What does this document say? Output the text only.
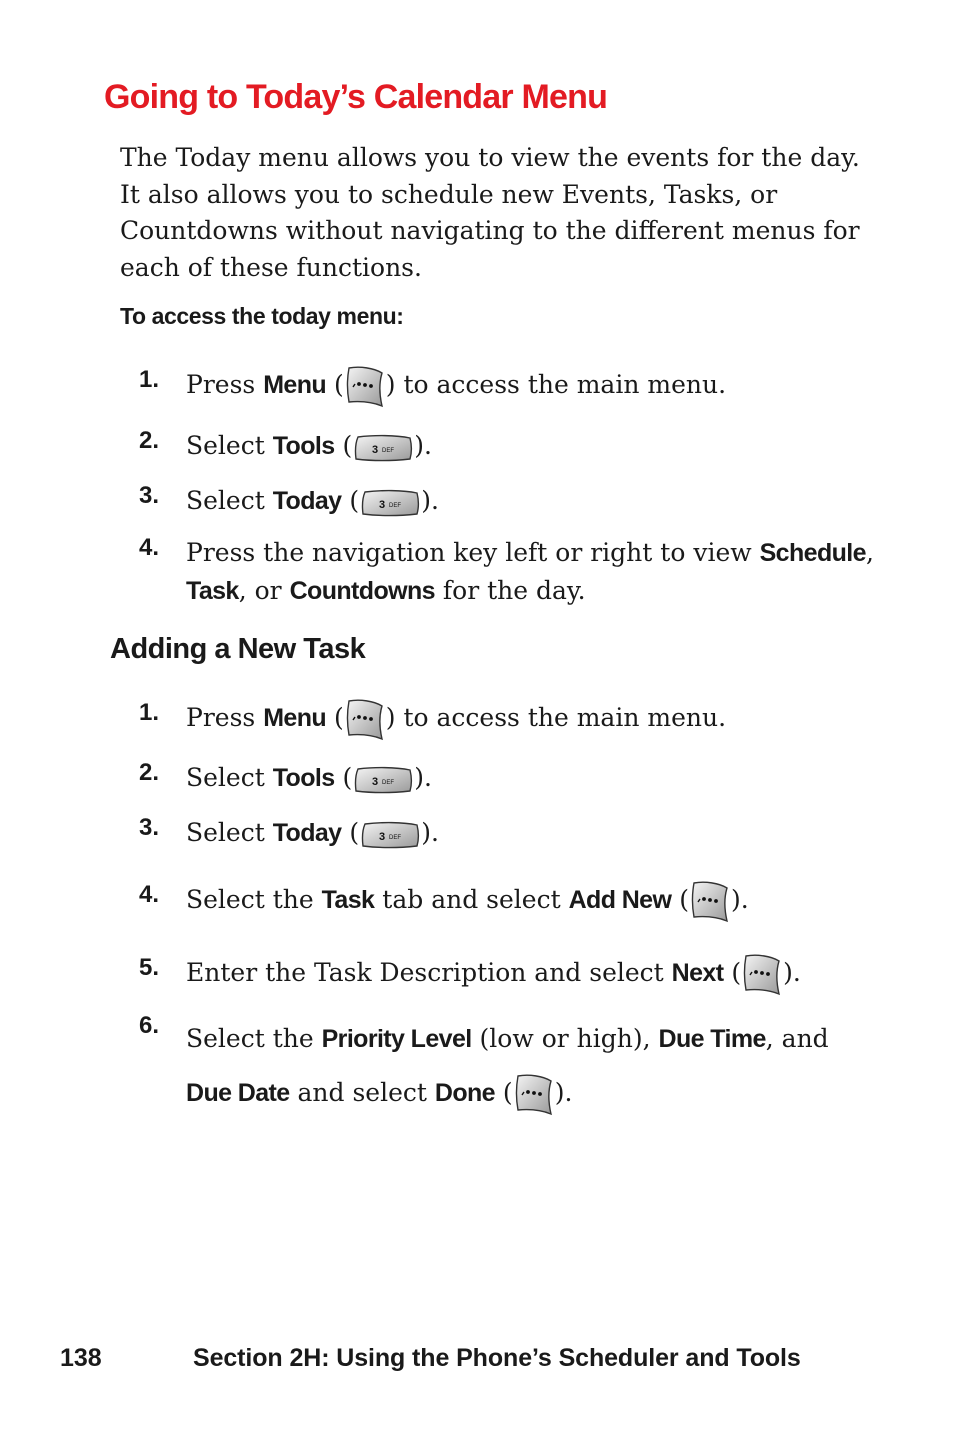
Going to Today’s Calendar Menu

The Today menu allows you to view the events for the day.
It also allows you to schedule new Events, Tasks, or
Countdowns without navigating to the different menus for
each of these functions.

To access the today menu:

1.	Press Menu ( ) to access the main menu.
2.	Select Tools ( 3 DEF ).
3.	Select Today ( 3 DEF ).
4.	Press the navigation key left or right to view Schedule,
Task, or Countdowns for the day.
Adding a New Task
1.	Press Menu ( ) to access the main menu.
2.	Select Tools ( 3 DEF ).
3.	Select Today ( 3 DEF ).
4.	Select the Task tab and select Add New ( ).
5.	Enter the Task Description and select Next ( ).
6.	Select the Priority Level (low or high), Due Time, and
Due Date and select Done ( ).
138	Section 2H: Using the Phone’s Scheduler and Tools
